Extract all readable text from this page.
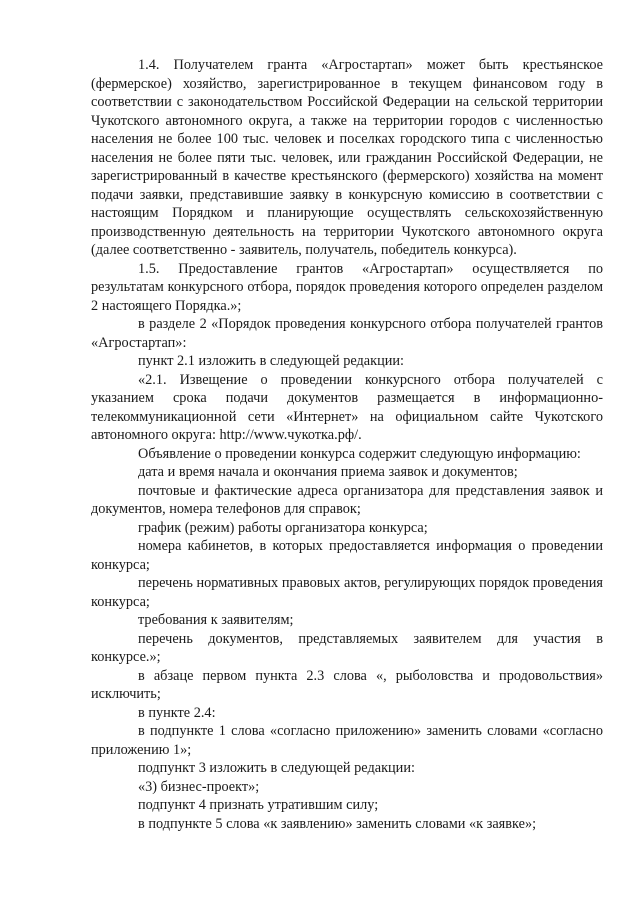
1.4. Получателем гранта «Агростартап» может быть крестьянское (фермерское) хозяйство, зарегистрированное в текущем финансовом году в соответствии с законодательством Российской Федерации на сельской территории Чукотского автономного округа, а также на территории городов с численностью населения не более 100 тыс. человек и поселках городского типа с численностью населения не более пяти тыс. человек, или гражданин Российской Федерации, не зарегистрированный в качестве крестьянского (фермерского) хозяйства на момент подачи заявки, представившие заявку в конкурсную комиссию в соответствии с настоящим Порядком и планирующие осуществлять сельскохозяйственную производственную деятельность на территории Чукотского автономного округа (далее соответственно - заявитель, получатель, победитель конкурса).

1.5. Предоставление грантов «Агростартап» осуществляется по результатам конкурсного отбора, порядок проведения которого определен разделом 2 настоящего Порядка.»;

в разделе 2 «Порядок проведения конкурсного отбора получателей грантов «Агростартап»:

пункт 2.1 изложить в следующей редакции:

«2.1. Извещение о проведении конкурсного отбора получателей с указанием срока подачи документов размещается в информационно-телекоммуникационной сети «Интернет» на официальном сайте Чукотского автономного округа: http://www.чукотка.рф/.

Объявление о проведении конкурса содержит следующую информацию:

дата и время начала и окончания приема заявок и документов;

почтовые и фактические адреса организатора для представления заявок и документов, номера телефонов для справок;

график (режим) работы организатора конкурса;

номера кабинетов, в которых предоставляется информация о проведении конкурса;

перечень нормативных правовых актов, регулирующих порядок проведения конкурса;

требования к заявителям;

перечень документов, представляемых заявителем для участия в конкурсе.»;

в абзаце первом пункта 2.3 слова «, рыболовства и продовольствия» исключить;

в пункте 2.4:

в подпункте 1 слова «согласно приложению» заменить словами «согласно приложению 1»;

подпункт 3 изложить в следующей редакции:

«3) бизнес-проект»;

подпункт 4 признать утратившим силу;

в подпункте 5 слова «к заявлению» заменить словами «к заявке»;
